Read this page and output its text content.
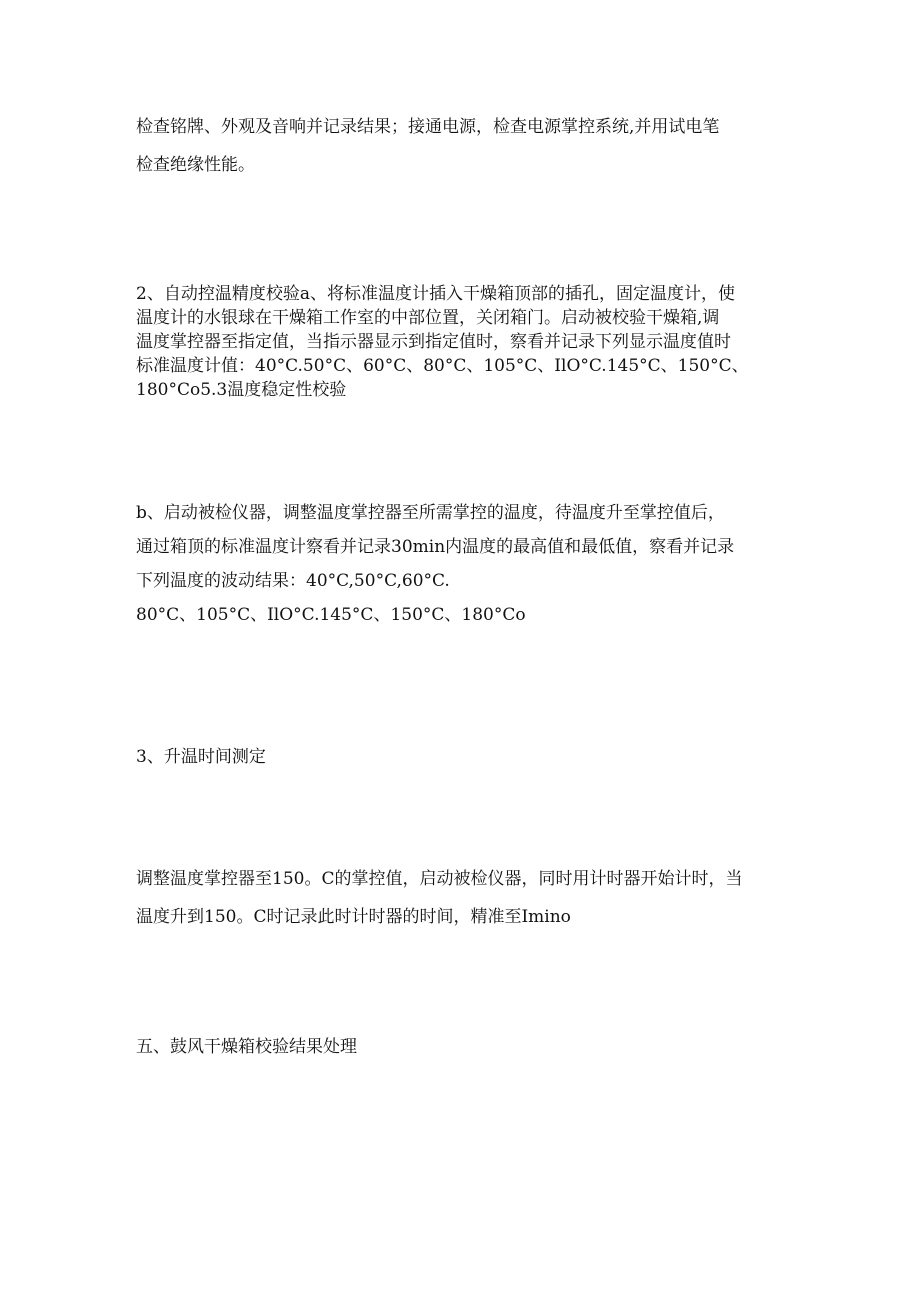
检查铭牌、外观及音响并记录结果；接通电源，检查电源掌控系统,并用试电笔
检查绝缘性能。

2、自动控温精度校验a、将标准温度计插入干燥箱顶部的插孔，固定温度计，使
温度计的水银球在干燥箱工作室的中部位置，关闭箱门。启动被校验干燥箱,调
温度掌控器至指定值，当指示器显示到指定值时，察看并记录下列显示温度值时
标准温度计值：40°C.50°C、60°C、80°C、105°C、IlO°C.145°C、150°C、
180°Co5.3温度稳定性校验

b、启动被检仪器，调整温度掌控器至所需掌控的温度，待温度升至掌控值后，
通过箱顶的标准温度计察看并记录30min内温度的最高值和最低值，察看并记录
下列温度的波动结果：40°C,50°C,60°C.
80°C、105°C、IlO°C.145°C、150°C、180°Co

3、升温时间测定

调整温度掌控器至150。C的掌控值，启动被检仪器，同时用计时器开始计时，当
温度升到150。C时记录此时计时器的时间，精准至Imino

五、鼓风干燥箱校验结果处理
